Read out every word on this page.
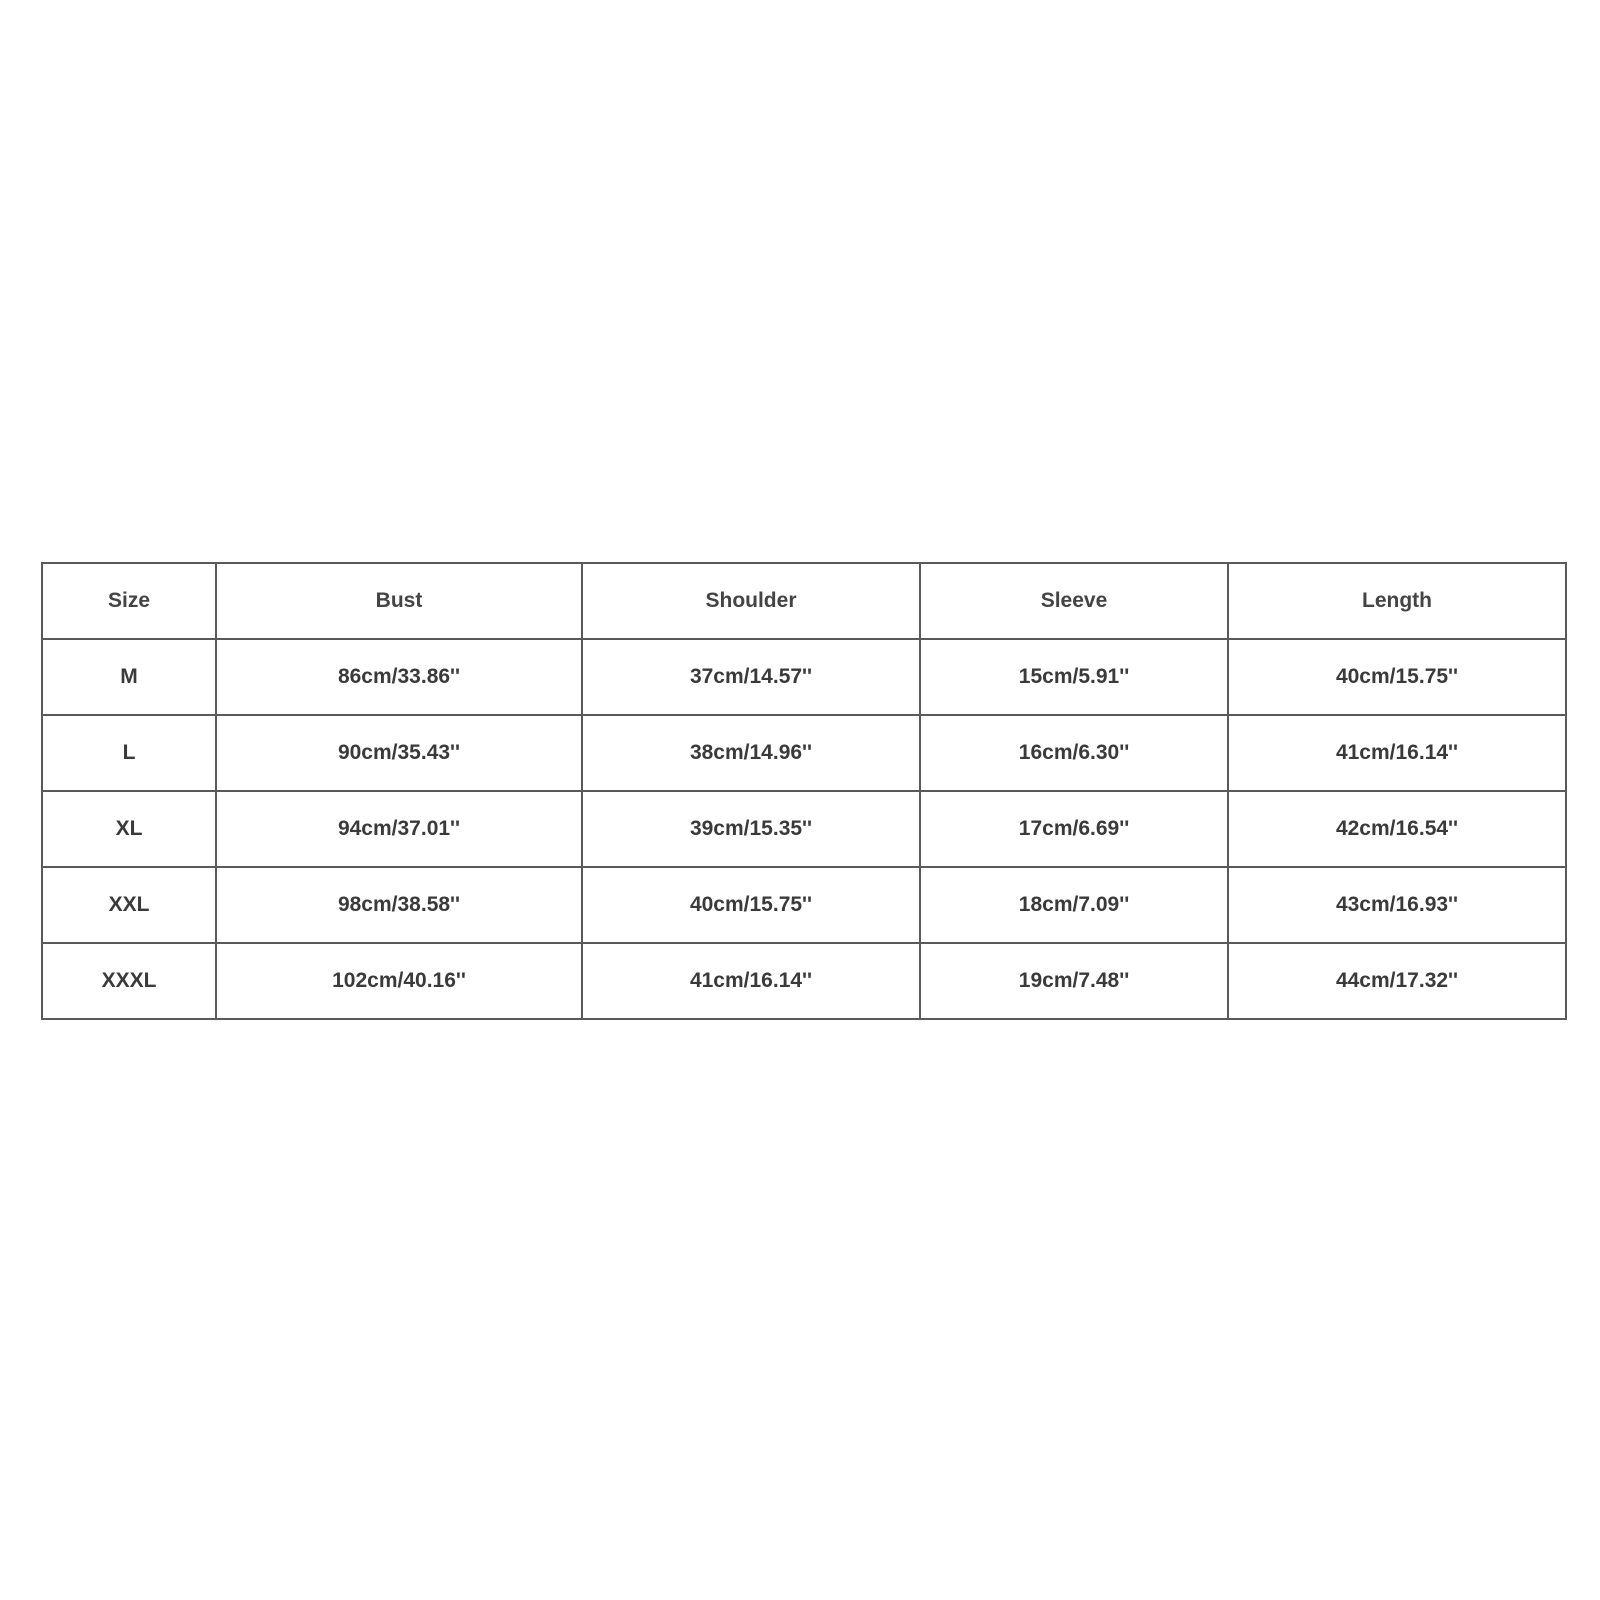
Size	Bust	Shoulder	Sleeve	Length
M	86cm/33.86''	37cm/14.57''	15cm/5.91''	40cm/15.75''
L	90cm/35.43''	38cm/14.96''	16cm/6.30''	41cm/16.14''
XL	94cm/37.01''	39cm/15.35''	17cm/6.69''	42cm/16.54''
XXL	98cm/38.58''	40cm/15.75''	18cm/7.09''	43cm/16.93''
XXXL	102cm/40.16''	41cm/16.14''	19cm/7.48''	44cm/17.32''
